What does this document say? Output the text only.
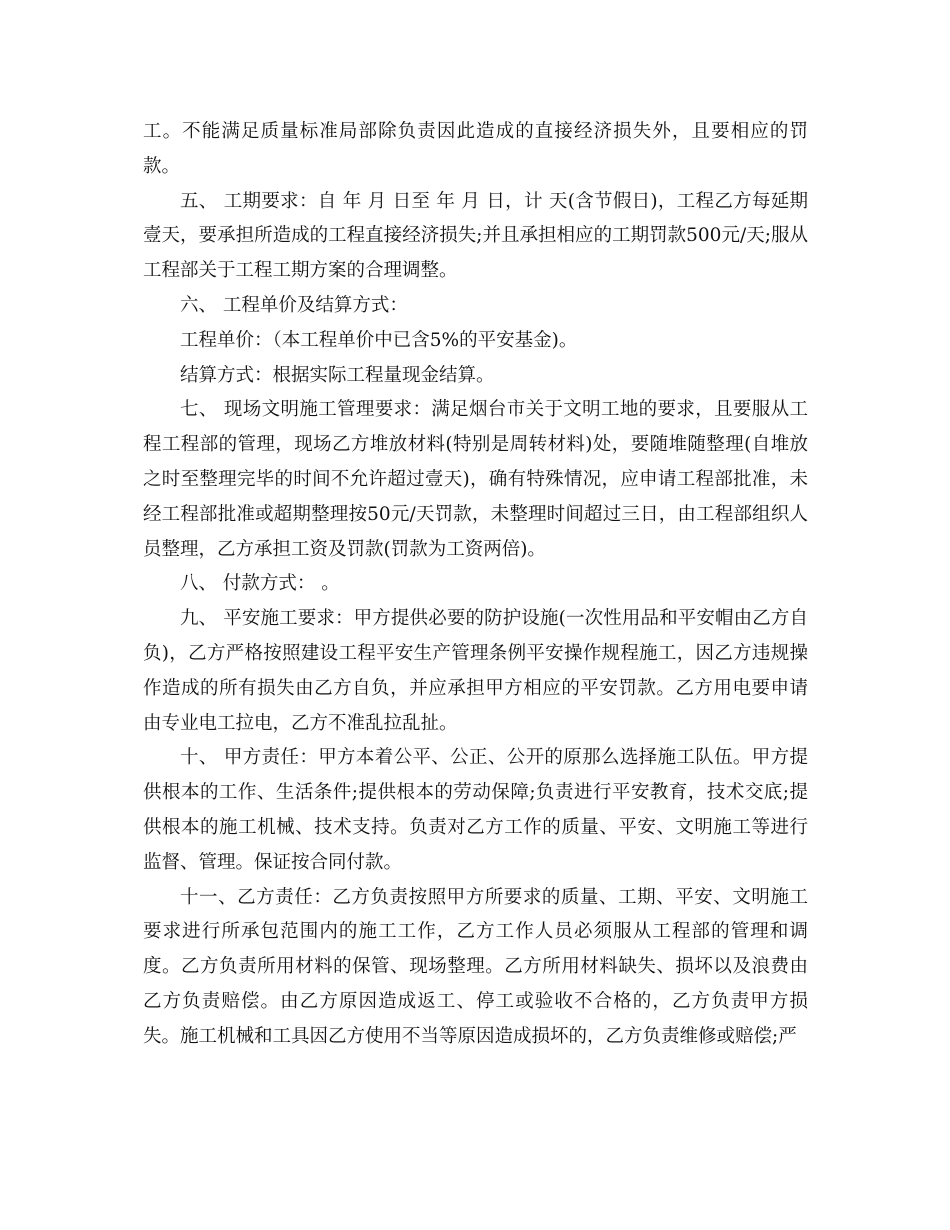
工。不能满足质量标准局部除负责因此造成的直接经济损失外，且要相应的罚款。

五、 工期要求：自 年 月 日至 年 月 日，计 天(含节假日)，工程乙方每延期壹天，要承担所造成的工程直接经济损失;并且承担相应的工期罚款500元/天;服从工程部关于工程工期方案的合理调整。

六、 工程单价及结算方式：

工程单价：（本工程单价中已含5%的平安基金)。

结算方式：根据实际工程量现金结算。

七、 现场文明施工管理要求：满足烟台市关于文明工地的要求，且要服从工程工程部的管理，现场乙方堆放材料(特别是周转材料)处，要随堆随整理(自堆放之时至整理完毕的时间不允许超过壹天)，确有特殊情况，应申请工程部批准，未经工程部批准或超期整理按50元/天罚款，未整理时间超过三日，由工程部组织人员整理，乙方承担工资及罚款(罚款为工资两倍)。

八、 付款方式： 。

九、 平安施工要求：甲方提供必要的防护设施(一次性用品和平安帽由乙方自负)，乙方严格按照建设工程平安生产管理条例平安操作规程施工，因乙方违规操作造成的所有损失由乙方自负，并应承担甲方相应的平安罚款。乙方用电要申请由专业电工拉电，乙方不准乱拉乱扯。

十、 甲方责任：甲方本着公平、公正、公开的原那么选择施工队伍。甲方提供根本的工作、生活条件;提供根本的劳动保障;负责进行平安教育，技术交底;提供根本的施工机械、技术支持。负责对乙方工作的质量、平安、文明施工等进行监督、管理。保证按合同付款。

十一、乙方责任：乙方负责按照甲方所要求的质量、工期、平安、文明施工要求进行所承包范围内的施工工作，乙方工作人员必须服从工程部的管理和调度。乙方负责所用材料的保管、现场整理。乙方所用材料缺失、损坏以及浪费由乙方负责赔偿。由乙方原因造成返工、停工或验收不合格的，乙方负责甲方损失。施工机械和工具因乙方使用不当等原因造成损坏的，乙方负责维修或赔偿;严
